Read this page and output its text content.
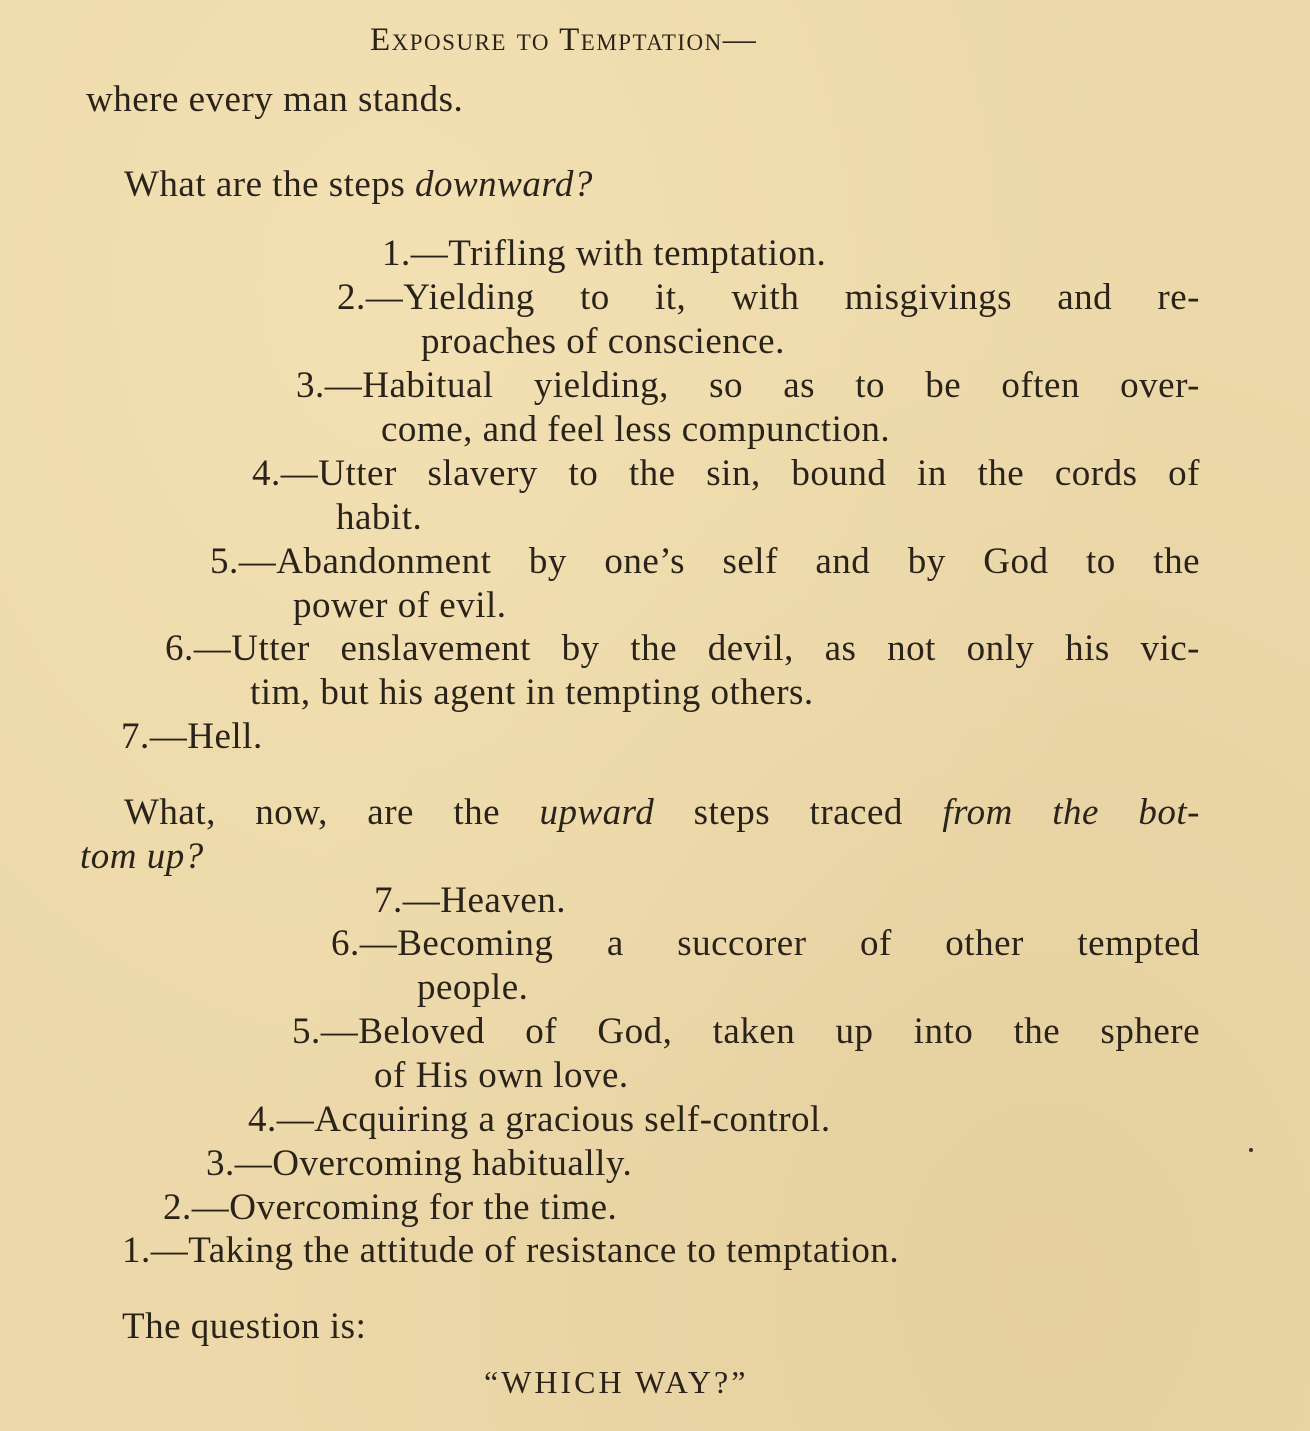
Exposure to Temptation—
where every man stands.
What are the steps downward?
1.—Trifling with temptation.
2.—Yielding to it, with misgivings and re-
proaches of conscience.
3.—Habitual yielding, so as to be often over-
come, and feel less compunction.
4.—Utter slavery to the sin, bound in the cords of
habit.
5.—Abandonment by one’s self and by God to the
power of evil.
6.—Utter enslavement by the devil, as not only his vic-
tim, but his agent in tempting others.
7.—Hell.
What, now, are the upward steps traced from the bot-
tom up?
7.—Heaven.
6.—Becoming a succorer of other tempted
people.
5.—Beloved of God, taken up into the sphere
of His own love.
4.—Acquiring a gracious self-control.
3.—Overcoming habitually.
2.—Overcoming for the time.
1.—Taking the attitude of resistance to temptation.
The question is:
“WHICH WAY?”
